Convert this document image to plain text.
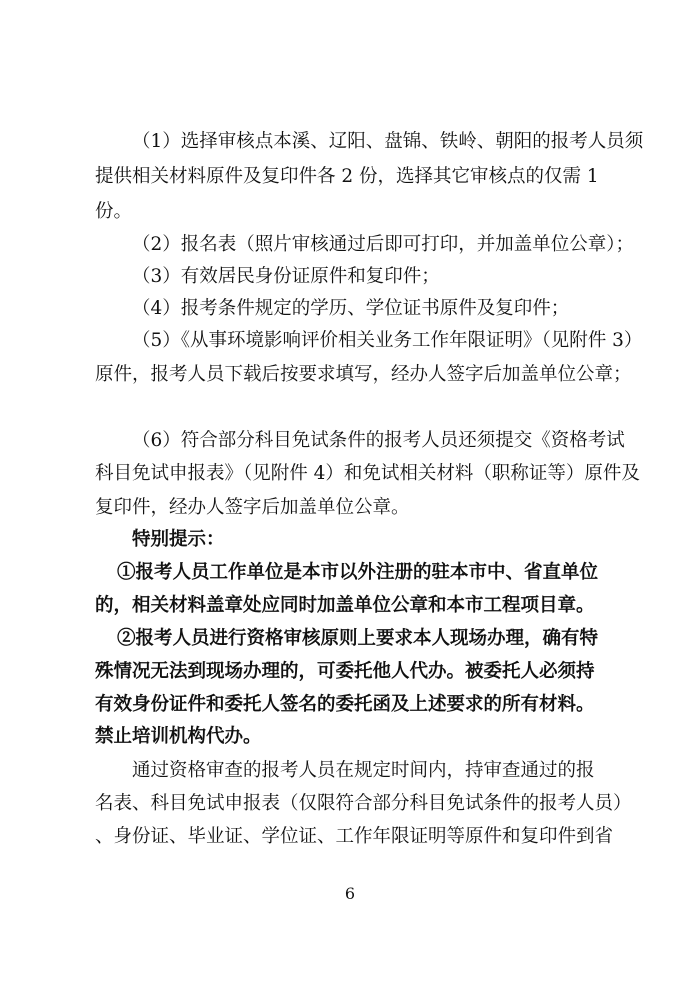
（1）选择审核点本溪、辽阳、盘锦、铁岭、朝阳的报考人员须
提供相关材料原件及复印件各 2 份，选择其它审核点的仅需 1
份。
（2）报名表（照片审核通过后即可打印，并加盖单位公章）；
（3）有效居民身份证原件和复印件；
（4）报考条件规定的学历、学位证书原件及复印件；
（5）《从事环境影响评价相关业务工作年限证明》（见附件 3）
原件，报考人员下载后按要求填写，经办人签字后加盖单位公章；
（6）符合部分科目免试条件的报考人员还须提交《资格考试
科目免试申报表》（见附件 4）和免试相关材料（职称证等）原件及
复印件，经办人签字后加盖单位公章。
特别提示：
①报考人员工作单位是本市以外注册的驻本市中、省直单位
的，相关材料盖章处应同时加盖单位公章和本市工程项目章。
②报考人员进行资格审核原则上要求本人现场办理，确有特
殊情况无法到现场办理的，可委托他人代办。被委托人必须持
有效身份证件和委托人签名的委托函及上述要求的所有材料。
禁止培训机构代办。
通过资格审查的报考人员在规定时间内，持审查通过的报
名表、科目免试申报表（仅限符合部分科目免试条件的报考人员）
、身份证、毕业证、学位证、工作年限证明等原件和复印件到省
6
